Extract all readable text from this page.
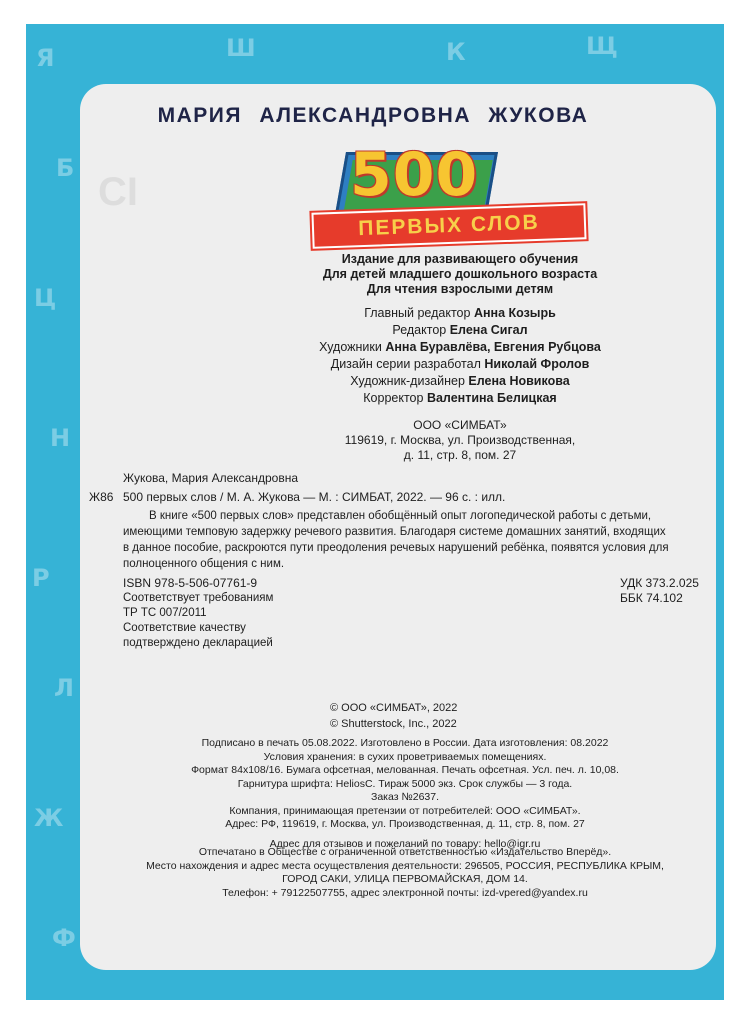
Я
Б
Ц
Н
Р
Л
Ж
Ф
Ш	К	Щ
CI
МАРИЯ АЛЕКСАНДРОВНА ЖУКОВА
500
ПЕРВЫХ СЛОВ
Издание для развивающего обучения
Для детей младшего дошкольного возраста
Для чтения взрослыми детям
Главный редактор Анна Козырь
Редактор Елена Сигал
Художники Анна Буравлёва, Евгения Рубцова
Дизайн серии разработал Николай Фролов
Художник-дизайнер Елена Новикова
Корректор Валентина Белицкая
ООО «СИМБАТ»
119619, г. Москва, ул. Производственная,
д. 11, стр. 8, пом. 27
Жукова, Мария Александровна
Ж86 500 первых слов / М. А. Жукова — М. : СИМБАТ, 2022. — 96 с. : илл.
В книге «500 первых слов» представлен обобщённый опыт логопедической работы с детьми,
имеющими темповую задержку речевого развития. Благодаря системе домашних занятий, входящих
в данное пособие, раскроются пути преодоления речевых нарушений ребёнка, появятся условия для
полноценного общения с ним.
ISBN 978-5-506-07761-9
Соответствует требованиям
ТР ТС 007/2011
Соответствие качеству
подтверждено декларацией
УДК 373.2.025
ББК 74.102
© ООО «СИМБАТ», 2022
© Shutterstock, Inc., 2022
Подписано в печать 05.08.2022. Изготовлено в России. Дата изготовления: 08.2022
Условия хранения: в сухих проветриваемых помещениях.
Формат 84x108/16. Бумага офсетная, мелованная. Печать офсетная. Усл. печ. л. 10,08.
Гарнитура шрифта: HeliosC. Тираж 5000 экз. Срок службы — 3 года.
Заказ №2637.
Компания, принимающая претензии от потребителей: ООО «СИМБАТ».
Адрес: РФ, 119619, г. Москва, ул. Производственная, д. 11, стр. 8, пом. 27
Адрес для отзывов и пожеланий по товару: hello@igr.ru
Отпечатано в Обществе с ограниченной ответственностью «Издательство Вперёд».
Место нахождения и адрес места осуществления деятельности: 296505, РОССИЯ, РЕСПУБЛИКА КРЫМ,
ГОРОД САКИ, УЛИЦА ПЕРВОМАЙСКАЯ, ДОМ 14.
Телефон: + 79122507755, адрес электронной почты: izd-vpered@yandex.ru
